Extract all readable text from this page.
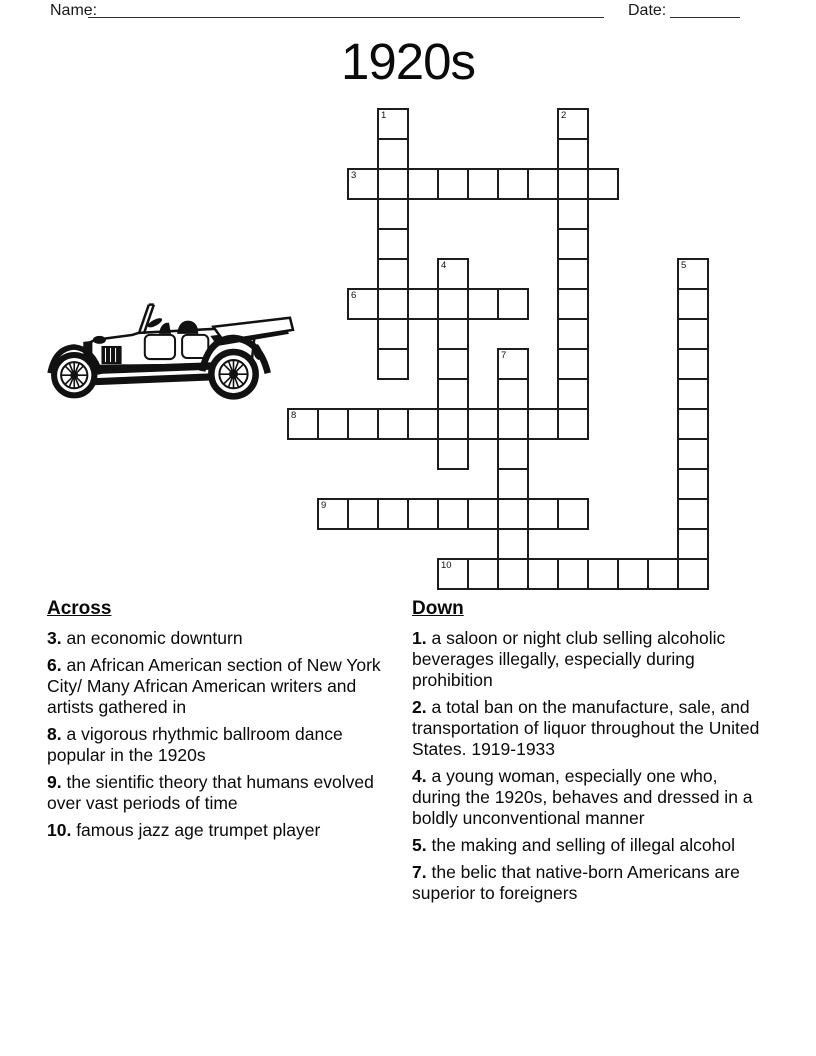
Name:	Date:
1920s
1	2
3
4	5
6
7
8
9
10
Across
3. an economic downturn
6. an African American section of New York City/ Many African American writers and artists gathered in
8. a vigorous rhythmic ballroom dance popular in the 1920s
9. the sientific theory that humans evolved over vast periods of time
10. famous jazz age trumpet player
Down
1. a saloon or night club selling alcoholic beverages illegally, especially during prohibition
2. a total ban on the manufacture, sale, and transportation of liquor throughout the United States. 1919-1933
4. a young woman, especially one who, during the 1920s, behaves and dressed in a boldly unconventional manner
5. the making and selling of illegal alcohol
7. the belic that native-born Americans are superior to foreigners
